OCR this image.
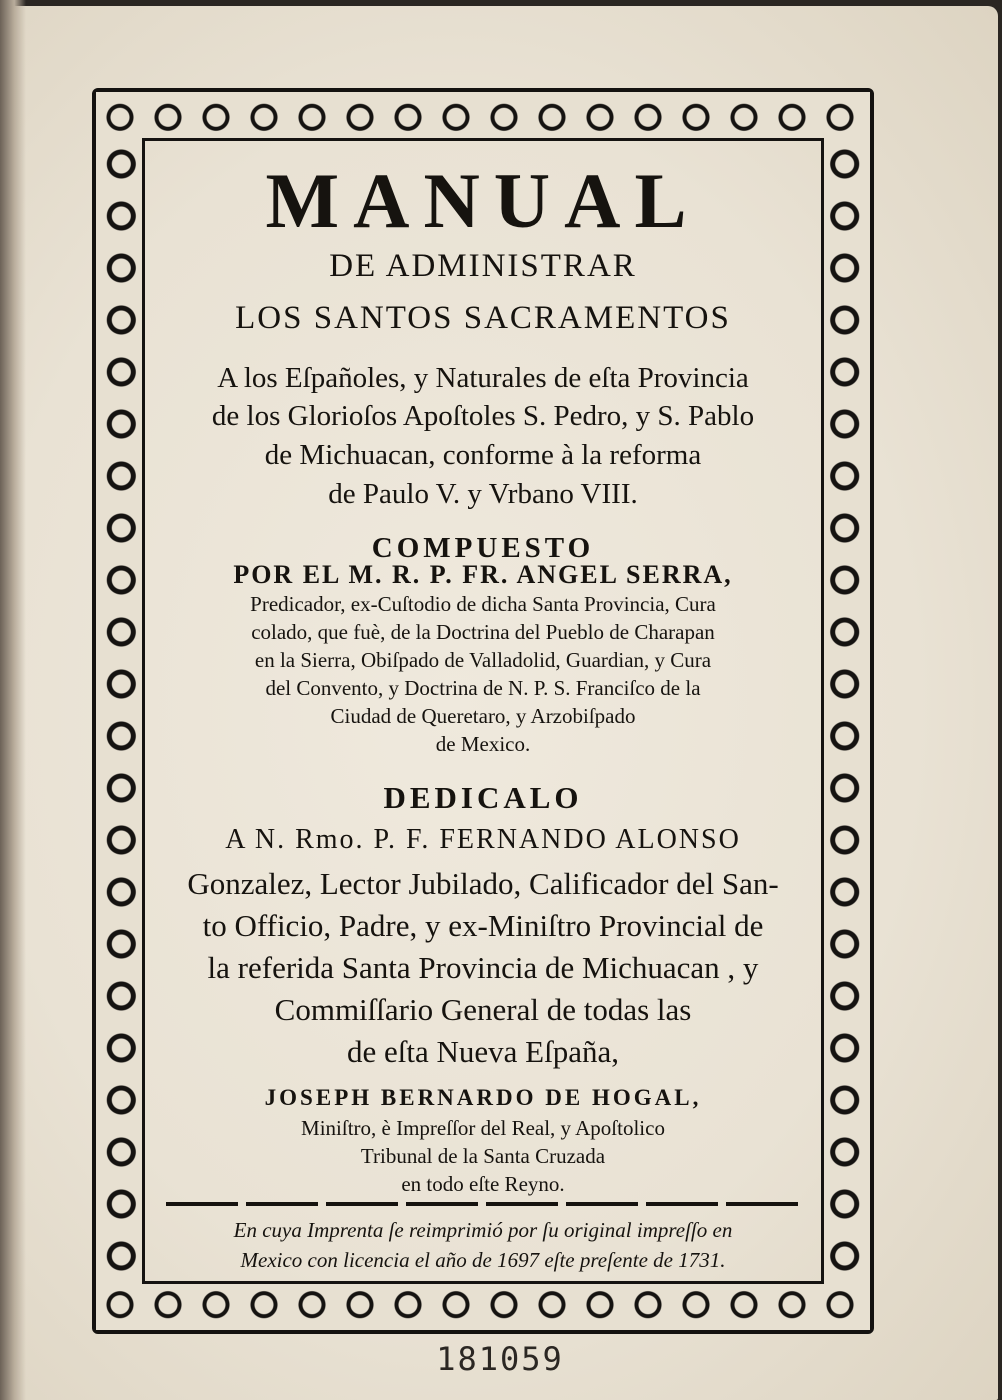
MANUAL
DE ADMINISTRAR
LOS SANTOS SACRAMENTOS
A los Eſpañoles, y Naturales de eſta Provincia
de los Glorioſos Apoſtoles S. Pedro, y S. Pablo
de Michuacan, conforme à la reforma
de Paulo V. y Vrbano VIII.
COMPUESTO
POR EL M. R. P. FR. ANGEL SERRA,
Predicador, ex-Cuſtodio de dicha Santa Provincia, Cura
colado, que fuè, de la Doctrina del Pueblo de Charapan
en la Sierra, Obiſpado de Valladolid, Guardian, y Cura
del Convento, y Doctrina de N. P. S. Franciſco de la
Ciudad de Queretaro, y Arzobiſpado
de Mexico.
DEDICALO
A N. Rmo. P. F. FERNANDO ALONSO
Gonzalez, Lector Jubilado, Calificador del San-
to Officio, Padre, y ex-Miniſtro Provincial de
la referida Santa Provincia de Michuacan , y
Commiſſario General de todas las
de eſta Nueva Eſpaña,
JOSEPH BERNARDO DE HOGAL,
Miniſtro, è Impreſſor del Real, y Apoſtolico
Tribunal de la Santa Cruzada
en todo eſte Reyno.
En cuya Imprenta ſe reimprimió por ſu original impreſſo en
Mexico con licencia el año de 1697 eſte preſente de 1731.
181059
